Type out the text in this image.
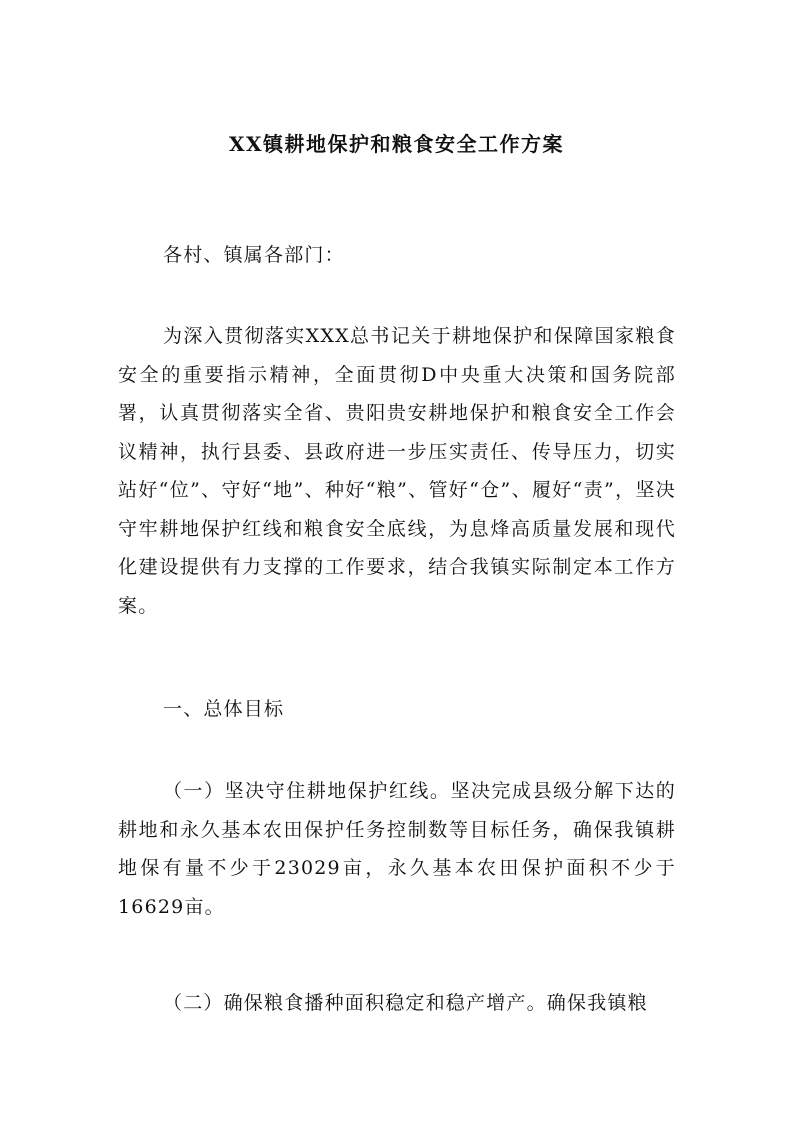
XX镇耕地保护和粮食安全工作方案

各村、镇属各部门：

为深入贯彻落实XXX总书记关于耕地保护和保障国家粮食安全的重要指示精神，全面贯彻D中央重大决策和国务院部署，认真贯彻落实全省、贵阳贵安耕地保护和粮食安全工作会议精神，执行县委、县政府进一步压实责任、传导压力，切实站好“位”、守好“地”、种好“粮”、管好“仓”、履好“责”，坚决守牢耕地保护红线和粮食安全底线，为息烽高质量发展和现代化建设提供有力支撑的工作要求，结合我镇实际制定本工作方案。

一、总体目标

（一）坚决守住耕地保护红线。坚决完成县级分解下达的耕地和永久基本农田保护任务控制数等目标任务，确保我镇耕地保有量不少于23029亩，永久基本农田保护面积不少于16629亩。

（二）确保粮食播种面积稳定和稳产增产。确保我镇粮
